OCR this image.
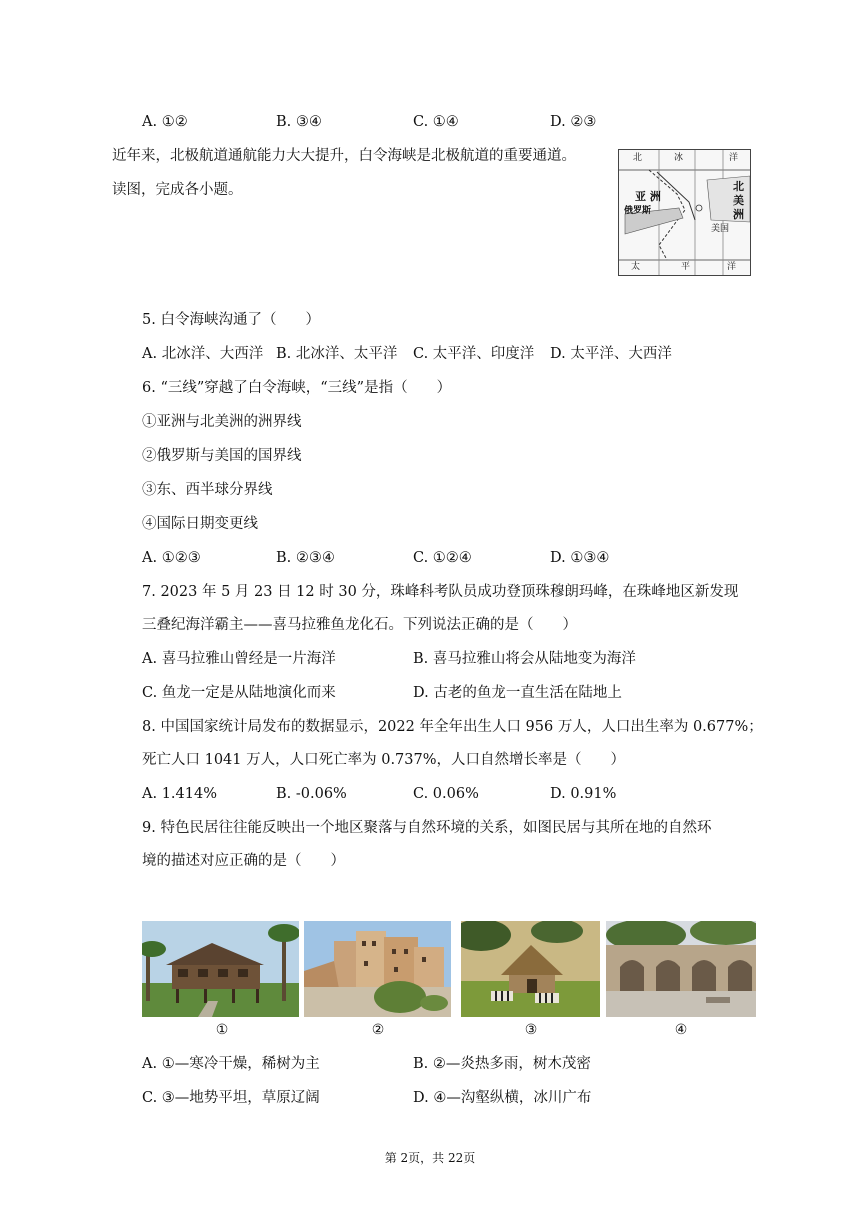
A. ①②	B. ③④	C. ①④	D. ②③
近年来，北极航道通航能力大大提升，白令海峡是北极航道的重要通道。
读图，完成各小题。
北	冰	洋
亚 洲
俄罗斯
北
美
洲
美国
太	平	洋
5. 白令海峡沟通了（　　）
A. 北冰洋、大西洋 B. 北冰洋、太平洋 C. 太平洋、印度洋 D. 太平洋、大西洋
6. “三线”穿越了白令海峡，“三线”是指（　　）
①亚洲与北美洲的洲界线
②俄罗斯与美国的国界线
③东、西半球分界线
④国际日期变更线
A. ①②③	B. ②③④	C. ①②④	D. ①③④
7. 2023 年 5 月 23 日 12 时 30 分，珠峰科考队员成功登顶珠穆朗玛峰，在珠峰地区新发现
三叠纪海洋霸主——喜马拉雅鱼龙化石。下列说法正确的是（　　）
A. 喜马拉雅山曾经是一片海洋	B. 喜马拉雅山将会从陆地变为海洋
C. 鱼龙一定是从陆地演化而来	D. 古老的鱼龙一直生活在陆地上
8. 中国国家统计局发布的数据显示，2022 年全年出生人口 956 万人，人口出生率为 0.677%；
死亡人口 1041 万人，人口死亡率为 0.737%，人口自然增长率是（　　）
A. 1.414%	B. -0.06%	C. 0.06%	D. 0.91%
9. 特色民居往往能反映出一个地区聚落与自然环境的关系，如图民居与其所在地的自然环
境的描述对应正确的是（　　）
①	②	③	④
A. ①—寒冷干燥，稀树为主	B. ②—炎热多雨，树木茂密
C. ③—地势平坦，草原辽阔	D. ④—沟壑纵横，冰川广布
第 2页，共 22页
